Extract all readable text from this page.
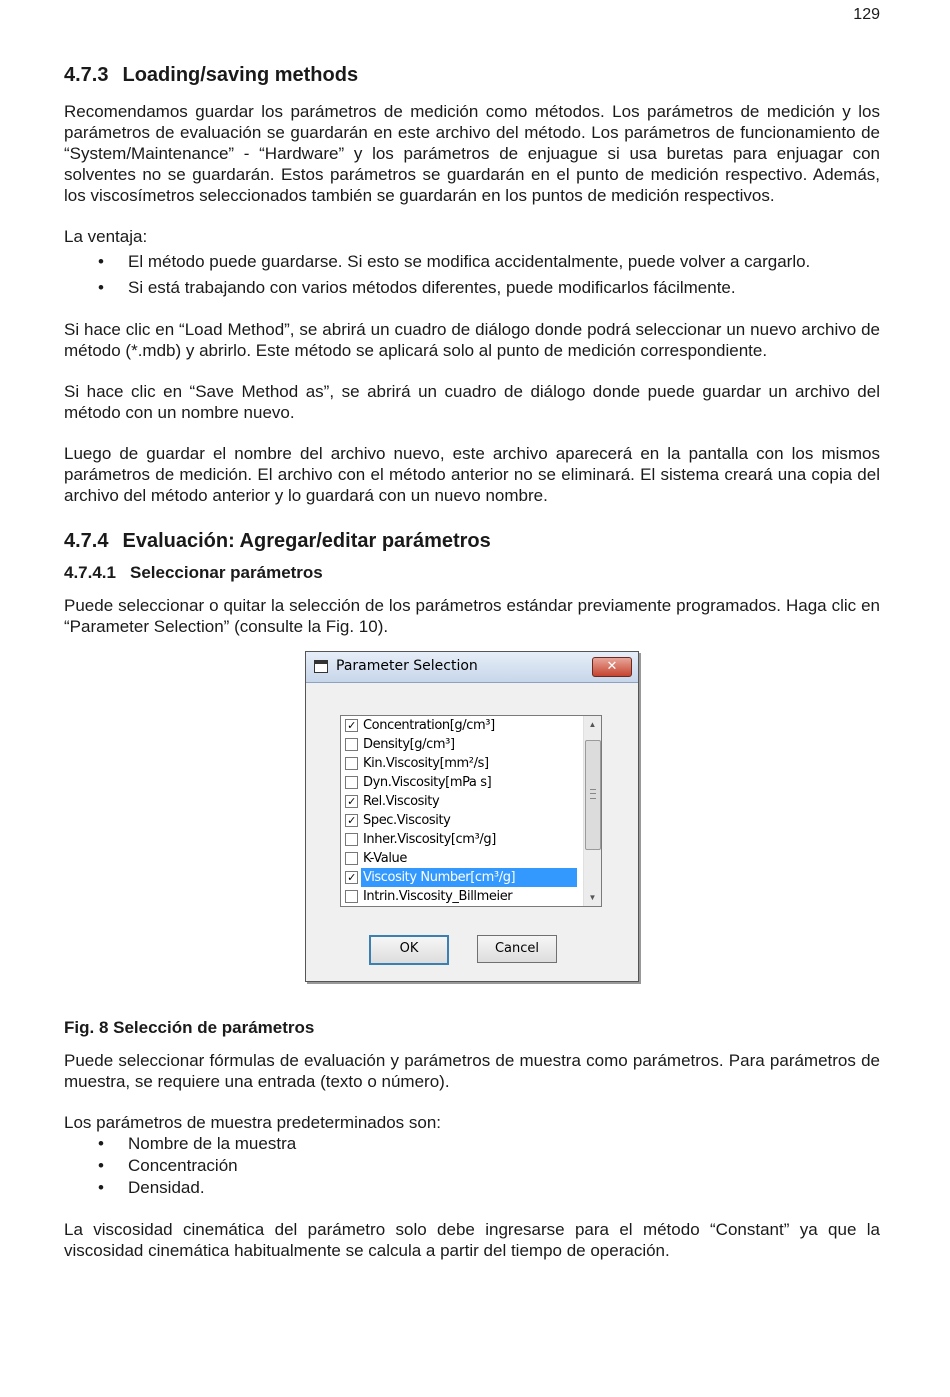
129
4.7.3 Loading/saving methods

Recomendamos guardar los parámetros de medición como métodos. Los parámetros de medición y los parámetros de evaluación se guardarán en este archivo del método. Los parámetros de funcionamiento de “System/Maintenance” - “Hardware” y los parámetros de enjuague si usa buretas para enjuagar con solventes no se guardarán. Estos parámetros se guardarán en el punto de medición respectivo. Además, los viscosímetros seleccionados también se guardarán en los puntos de medición respectivos.

La ventaja:

• El método puede guardarse. Si esto se modifica accidentalmente, puede volver a cargarlo.
• Si está trabajando con varios métodos diferentes, puede modificarlos fácilmente.

Si hace clic en “Load Method”, se abrirá un cuadro de diálogo donde podrá seleccionar un nuevo archivo de método (*.mdb) y abrirlo. Este método se aplicará solo al punto de medición correspondiente.

Si hace clic en “Save Method as”, se abrirá un cuadro de diálogo donde puede guardar un archivo del método con un nombre nuevo.

Luego de guardar el nombre del archivo nuevo, este archivo aparecerá en la pantalla con los mismos parámetros de medición. El archivo con el método anterior no se eliminará. El sistema creará una copia del archivo del método anterior y lo guardará con un nuevo nombre.

4.7.4 Evaluación: Agregar/editar parámetros
4.7.4.1 Seleccionar parámetros

Puede seleccionar o quitar la selección de los parámetros estándar previamente programados. Haga clic en “Parameter Selection” (consulte la Fig. 10).

Parameter Selection	✕
✓ Concentration[g/cm³]
Density[g/cm³]
Kin.Viscosity[mm²/s]
Dyn.Viscosity[mPa s]
✓ Rel.Viscosity
✓ Spec.Viscosity
Inher.Viscosity[cm³/g]
K-Value
✓ Viscosity Number[cm³/g]
Intrin.Viscosity_Billmeier
▲
▼
OK	Cancel
Fig. 8 Selección de parámetros

Puede seleccionar fórmulas de evaluación y parámetros de muestra como parámetros. Para parámetros de muestra, se requiere una entrada (texto o número).

Los parámetros de muestra predeterminados son:

• Nombre de la muestra
• Concentración
• Densidad.

La viscosidad cinemática del parámetro solo debe ingresarse para el método “Constant” ya que la viscosidad cinemática habitualmente se calcula a partir del tiempo de operación.
